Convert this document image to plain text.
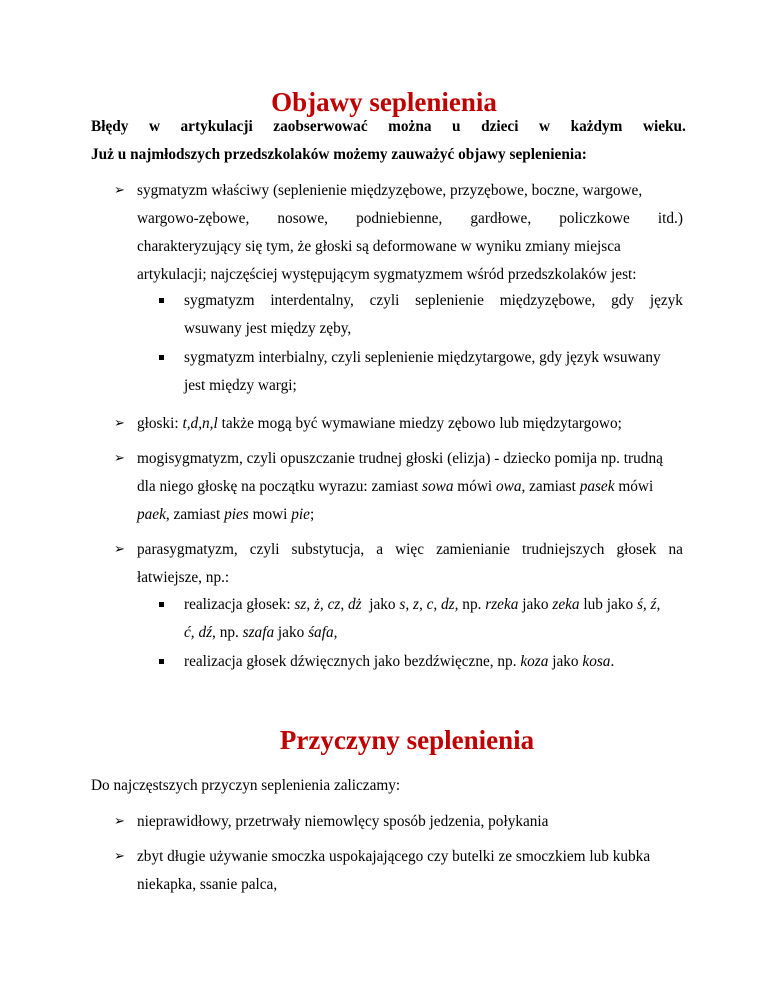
Objawy seplenienia
Błędy w artykulacji zaobserwować można u dzieci w każdym wieku.
Już u najmłodszych przedszkolaków możemy zauważyć objawy seplenienia:
➢ sygmatyzm właściwy (seplenienie międzyzębowe, przyzębowe, boczne, wargowe,
wargowo-zębowe, nosowe, podniebienne, gardłowe, policzkowe itd.)
charakteryzujący się tym, że głoski są deformowane w wyniku zmiany miejsca
artykulacji; najczęściej występującym sygmatyzmem wśród przedszkolaków jest:
sygmatyzm interdentalny, czyli seplenienie międzyzębowe, gdy język
wsuwany jest między zęby,
sygmatyzm interbialny, czyli seplenienie międzytargowe, gdy język wsuwany
jest między wargi;
➢ głoski: t,d,n,l także mogą być wymawiane miedzy zębowo lub międzytargowo;
➢ mogisygmatyzm, czyli opuszczanie trudnej głoski (elizja) - dziecko pomija np. trudną
dla niego głoskę na początku wyrazu: zamiast sowa mówi owa, zamiast pasek mówi
paek, zamiast pies mowi pie;
➢ parasygmatyzm, czyli substytucja, a więc zamienianie trudniejszych głosek na
łatwiejsze, np.:
realizacja głosek: sz, ż, cz, dż  jako s, z, c, dz, np. rzeka jako zeka lub jako ś, ź,
ć, dź, np. szafa jako śafa,
realizacja głosek dźwięcznych jako bezdźwięczne, np. koza jako kosa.
Przyczyny seplenienia
Do najczęstszych przyczyn seplenienia zaliczamy:
➢ nieprawidłowy, przetrwały niemowlęcy sposób jedzenia, połykania
➢ zbyt długie używanie smoczka uspokajającego czy butelki ze smoczkiem lub kubka
niekapka, ssanie palca,
